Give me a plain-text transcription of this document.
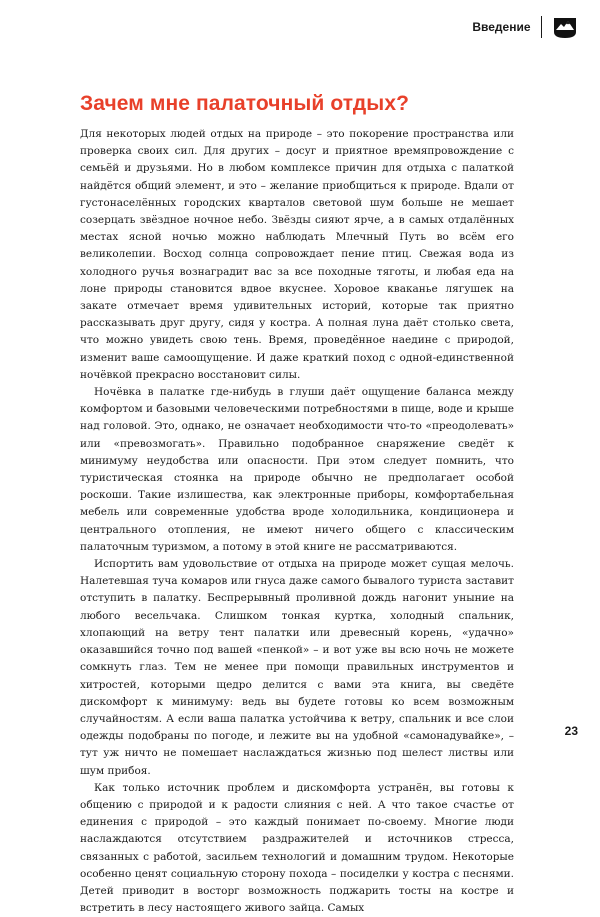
Введение
Зачем мне палаточный отдых?

Для некоторых людей отдых на природе – это покорение пространства или проверка своих сил. Для других – досуг и приятное времяпровождение с семьёй и друзьями. Но в любом комплексе причин для отдыха с палаткой найдётся общий элемент, и это – желание приобщиться к природе. Вдали от густонаселённых городских кварталов световой шум больше не мешает созерцать звёздное ночное небо. Звёзды сияют ярче, а в самых отдалённых местах ясной ночью можно наблюдать Млечный Путь во всём его великолепии. Восход солнца сопровождает пение птиц. Свежая вода из холодного ручья вознаградит вас за все походные тяготы, и любая еда на лоне природы становится вдвое вкуснее. Хоровое кваканье лягушек на закате отмечает время удивительных историй, которые так приятно рассказывать друг другу, сидя у костра. А полная луна даёт столько света, что можно увидеть свою тень. Время, проведённое наедине с природой, изменит ваше самоощущение. И даже краткий поход с одной-единственной ночёвкой прекрасно восстановит силы.

Ночёвка в палатке где-нибудь в глуши даёт ощущение баланса между комфортом и базовыми человеческими потребностями в пище, воде и крыше над головой. Это, однако, не означает необходимости что-то «преодолевать» или «превозмогать». Правильно подобранное снаряжение сведёт к минимуму неудобства или опасности. При этом следует помнить, что туристическая стоянка на природе обычно не предполагает особой роскоши. Такие излишества, как электронные приборы, комфортабельная мебель или современные удобства вроде холодильника, кондиционера и центрального отопления, не имеют ничего общего с классическим палаточным туризмом, а потому в этой книге не рассматриваются.

Испортить вам удовольствие от отдыха на природе может сущая мелочь. Налетевшая туча комаров или гнуса даже самого бывалого туриста заставит отступить в палатку. Беспрерывный проливной дождь нагонит уныние на любого весельчака. Слишком тонкая куртка, холодный спальник, хлопающий на ветру тент палатки или древесный корень, «удачно» оказавшийся точно под вашей «пенкой» – и вот уже вы всю ночь не можете сомкнуть глаз. Тем не менее при помощи правильных инструментов и хитростей, которыми щедро делится с вами эта книга, вы сведёте дискомфорт к минимуму: ведь вы будете готовы ко всем возможным случайностям. А если ваша палатка устойчива к ветру, спальник и все слои одежды подобраны по погоде, и лежите вы на удобной «самонадувайке», – тут уж ничто не помешает наслаждаться жизнью под шелест листвы или шум прибоя.

Как только источник проблем и дискомфорта устранён, вы готовы к общению с природой и к радости слияния с ней. А что такое счастье от единения с природой – это каждый понимает по-своему. Многие люди наслаждаются отсутствием раздражителей и источников стресса, связанных с работой, засильем технологий и домашним трудом. Некоторые особенно ценят социальную сторону похода – посиделки у костра с песнями. Детей приводит в восторг возможность поджарить тосты на костре и встретить в лесу настоящего живого зайца. Самых

23
